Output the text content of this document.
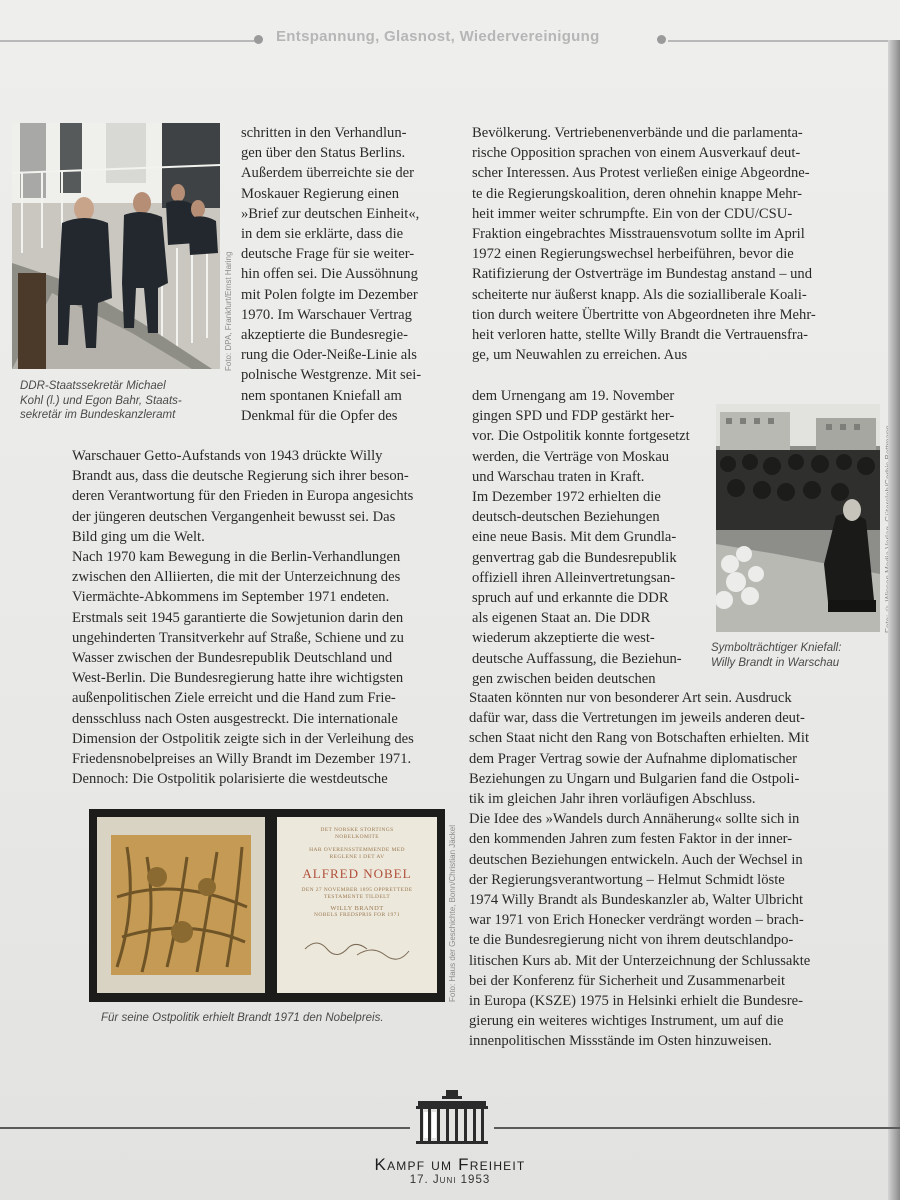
Entspannung, Glasnost, Wiedervereinigung
Foto: DPA, Frankfurt/Ernst Haring
DDR-Staatssekretär Michael
Kohl (l.) und Egon Bahr, Staats-
sekretär im Bundeskanzleramt

schritten in den Verhandlun-

gen über den Status Berlins.

Außerdem überreichte sie der

Moskauer Regierung einen

»Brief zur deutschen Einheit«,

in dem sie erklärte, dass die

deutsche Frage für sie weiter-

hin offen sei. Die Aussöhnung

mit Polen folgte im Dezember

1970. Im Warschauer Vertrag

akzeptierte die Bundesregie-

rung die Oder-Neiße-Linie als

polnische Westgrenze. Mit sei-

nem spontanen Kniefall am

Denkmal für die Opfer des

Warschauer Getto-Aufstands von 1943 drückte Willy

Brandt aus, dass die deutsche Regierung sich ihrer beson-

deren Verantwortung für den Frieden in Europa angesichts

der jüngeren deutschen Vergangenheit bewusst sei. Das

Bild ging um die Welt.

Nach 1970 kam Bewegung in die Berlin-Verhandlungen

zwischen den Alliierten, die mit der Unterzeichnung des

Viermächte-Abkommens im September 1971 endeten.

Erstmals seit 1945 garantierte die Sowjetunion darin den

ungehinderten Transitverkehr auf Straße, Schiene und zu

Wasser zwischen der Bundesrepublik Deutschland und

West-Berlin. Die Bundesregierung hatte ihre wichtigsten

außenpolitischen Ziele erreicht und die Hand zum Frie-

densschluss nach Osten ausgestreckt. Die internationale

Dimension der Ostpolitik zeigte sich in der Verleihung des

Friedensnobelpreises an Willy Brandt im Dezember 1971.

Dennoch: Die Ostpolitik polarisierte die westdeutsche

DET NORSKE STORTINGS
NOBELKOMITE
HAR OVERENSSTEMMENDE MED
REGLENE I DET AV
ALFRED NOBEL
DEN 27 NOVEMBER 1895 OPPRETTEDE
TESTAMENTE TILDELT
WILLY BRANDT
NOBELS FREDSPRIS FOR 1971	Foto: Haus der Geschichte, Bonn/Christian Jäckel
Für seine Ostpolitik erhielt Brandt 1971 den Nobelpreis.

Bevölkerung. Vertriebenenverbände und die parlamenta-

rische Opposition sprachen von einem Ausverkauf deut-

scher Interessen. Aus Protest verließen einige Abgeordne-

te die Regierungskoalition, deren ohnehin knappe Mehr-

heit immer weiter schrumpfte. Ein von der CDU/CSU-

Fraktion eingebrachtes Misstrauensvotum sollte im April

1972 einen Regierungswechsel herbeiführen, bevor die

Ratifizierung der Ostverträge im Bundestag anstand – und

scheiterte nur äußerst knapp. Als die sozialliberale Koali-

tion durch weitere Übertritte von Abgeordneten ihre Mehr-

heit verloren hatte, stellte Willy Brandt die Vertrauensfra-

ge, um Neuwahlen zu erreichen. Aus

dem Urnengang am 19. November

gingen SPD und FDP gestärkt her-

vor. Die Ostpolitik konnte fortgesetzt

werden, die Verträge von Moskau

und Warschau traten in Kraft.

Im Dezember 1972 erhielten die

deutsch-deutschen Beziehungen

eine neue Basis. Mit dem Grundla-

genvertrag gab die Bundesrepublik

offiziell ihren Alleinvertretungsan-

spruch auf und erkannte die DDR

als eigenen Staat an. Die DDR

wiederum akzeptierte die west-

deutsche Auffassung, die Beziehun-

gen zwischen beiden deutschen

Symbolträchtiger Kniefall:
Willy Brandt in Warschau

Staaten könnten nur von besonderer Art sein. Ausdruck

dafür war, dass die Vertretungen im jeweils anderen deut-

schen Staat nicht den Rang von Botschaften erhielten. Mit

dem Prager Vertrag sowie der Aufnahme diplomatischer

Beziehungen zu Ungarn und Bulgarien fand die Ostpoli-

tik im gleichen Jahr ihren vorläufigen Abschluss.

Die Idee des »Wandels durch Annäherung« sollte sich in

den kommenden Jahren zum festen Faktor in der inner-

deutschen Beziehungen entwickeln. Auch der Wechsel in

der Regierungsverantwortung – Helmut Schmidt löste

1974 Willy Brandt als Bundeskanzler ab, Walter Ulbricht

war 1971 von Erich Honecker verdrängt worden – brach-

te die Bundesregierung nicht von ihrem deutschlandpo-

litischen Kurs ab. Mit der Unterzeichnung der Schlussakte

bei der Konferenz für Sicherheit und Zusammenarbeit

in Europa (KSZE) 1975 in Helsinki erhielt die Bundesre-

gierung ein weiteres wichtiges Instrument, um auf die

innenpolitischen Missstände im Osten hinzuweisen.

Kampf um Freiheit
17. Juni 1953
